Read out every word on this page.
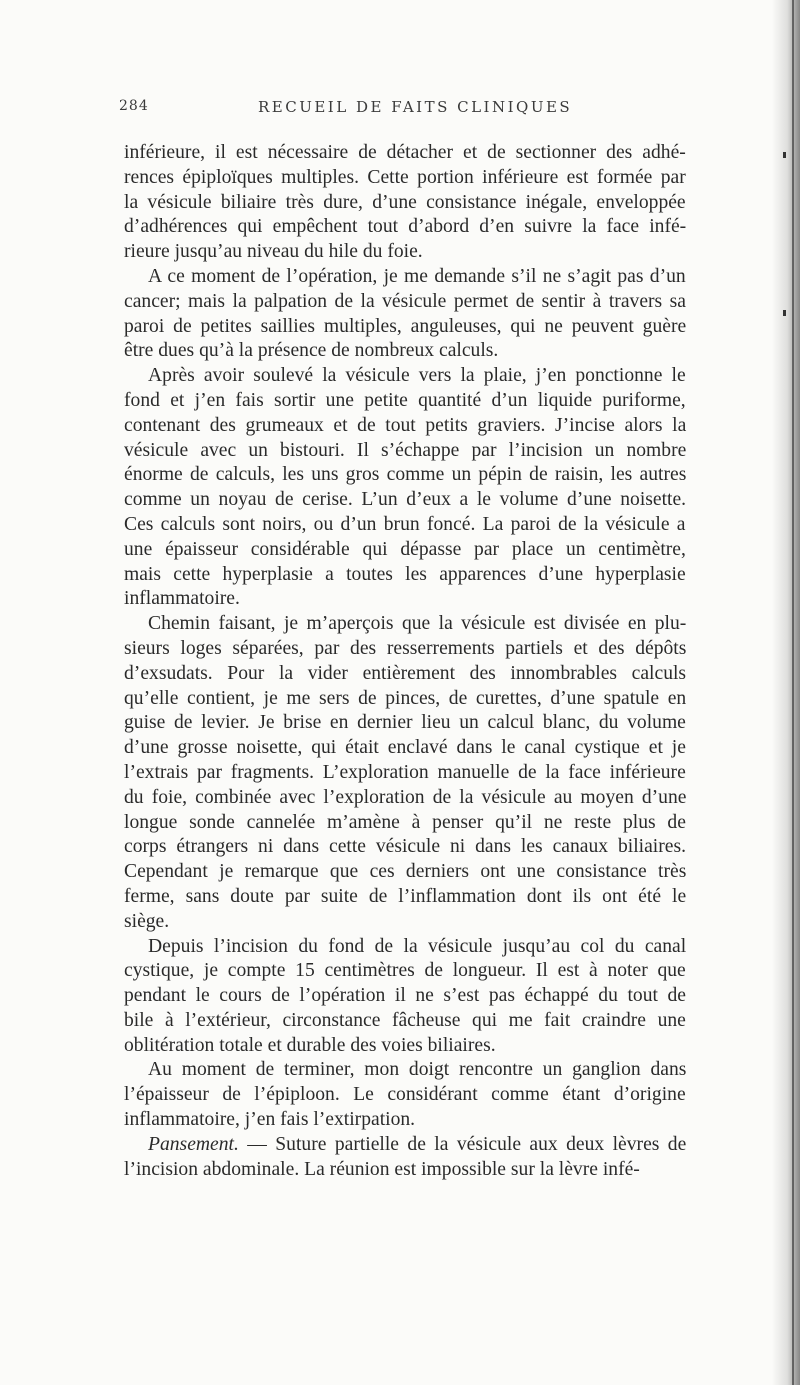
284	RECUEIL DE FAITS CLINIQUES
inférieure, il est nécessaire de détacher et de sectionner des adhé-
rences épiploïques multiples. Cette portion inférieure est formée par
la vésicule biliaire très dure, d’une consistance inégale, enveloppée
d’adhérences qui empêchent tout d’abord d’en suivre la face infé-
rieure jusqu’au niveau du hile du foie.
A ce moment de l’opération, je me demande s’il ne s’agit pas d’un
cancer; mais la palpation de la vésicule permet de sentir à travers sa
paroi de petites saillies multiples, anguleuses, qui ne peuvent guère
être dues qu’à la présence de nombreux calculs.
Après avoir soulevé la vésicule vers la plaie, j’en ponctionne le
fond et j’en fais sortir une petite quantité d’un liquide puriforme,
contenant des grumeaux et de tout petits graviers. J’incise alors la
vésicule avec un bistouri. Il s’échappe par l’incision un nombre
énorme de calculs, les uns gros comme un pépin de raisin, les autres
comme un noyau de cerise. L’un d’eux a le volume d’une noisette.
Ces calculs sont noirs, ou d’un brun foncé. La paroi de la vésicule a
une épaisseur considérable qui dépasse par place un centimètre,
mais cette hyperplasie a toutes les apparences d’une hyperplasie
inflammatoire.
Chemin faisant, je m’aperçois que la vésicule est divisée en plu-
sieurs loges séparées, par des resserrements partiels et des dépôts
d’exsudats. Pour la vider entièrement des innombrables calculs
qu’elle contient, je me sers de pinces, de curettes, d’une spatule en
guise de levier. Je brise en dernier lieu un calcul blanc, du volume
d’une grosse noisette, qui était enclavé dans le canal cystique et je
l’extrais par fragments. L’exploration manuelle de la face inférieure
du foie, combinée avec l’exploration de la vésicule au moyen d’une
longue sonde cannelée m’amène à penser qu’il ne reste plus de
corps étrangers ni dans cette vésicule ni dans les canaux biliaires.
Cependant je remarque que ces derniers ont une consistance très
ferme, sans doute par suite de l’inflammation dont ils ont été le
siège.
Depuis l’incision du fond de la vésicule jusqu’au col du canal
cystique, je compte 15 centimètres de longueur. Il est à noter que
pendant le cours de l’opération il ne s’est pas échappé du tout de
bile à l’extérieur, circonstance fâcheuse qui me fait craindre une
oblitération totale et durable des voies biliaires.
Au moment de terminer, mon doigt rencontre un ganglion dans
l’épaisseur de l’épiploon. Le considérant comme étant d’origine
inflammatoire, j’en fais l’extirpation.
Pansement. — Suture partielle de la vésicule aux deux lèvres de
l’incision abdominale. La réunion est impossible sur la lèvre infé-
